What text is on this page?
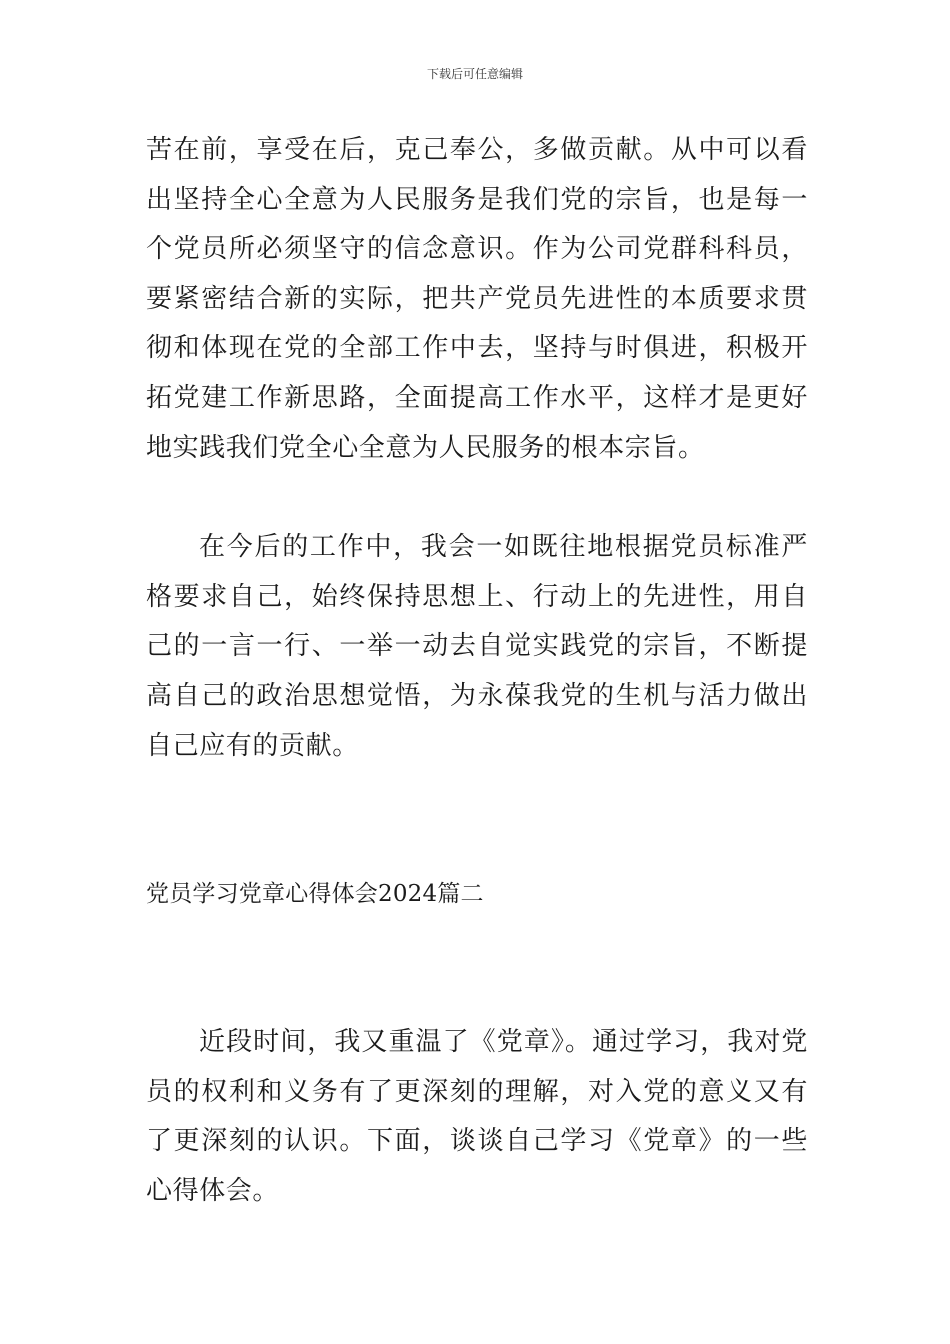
下载后可任意编辑

苦在前，享受在后，克己奉公，多做贡献。从中可以看出坚持全心全意为人民服务是我们党的宗旨，也是每一个党员所必须坚守的信念意识。作为公司党群科科员，要紧密结合新的实际，把共产党员先进性的本质要求贯彻和体现在党的全部工作中去，坚持与时俱进，积极开拓党建工作新思路，全面提高工作水平，这样才是更好地实践我们党全心全意为人民服务的根本宗旨。

在今后的工作中，我会一如既往地根据党员标准严格要求自己，始终保持思想上、行动上的先进性，用自己的一言一行、一举一动去自觉实践党的宗旨，不断提高自己的政治思想觉悟，为永葆我党的生机与活力做出自己应有的贡献。

党员学习党章心得体会2024篇二

近段时间，我又重温了《党章》。通过学习，我对党员的权利和义务有了更深刻的理解，对入党的意义又有了更深刻的认识。下面，谈谈自己学习《党章》的一些心得体会。
